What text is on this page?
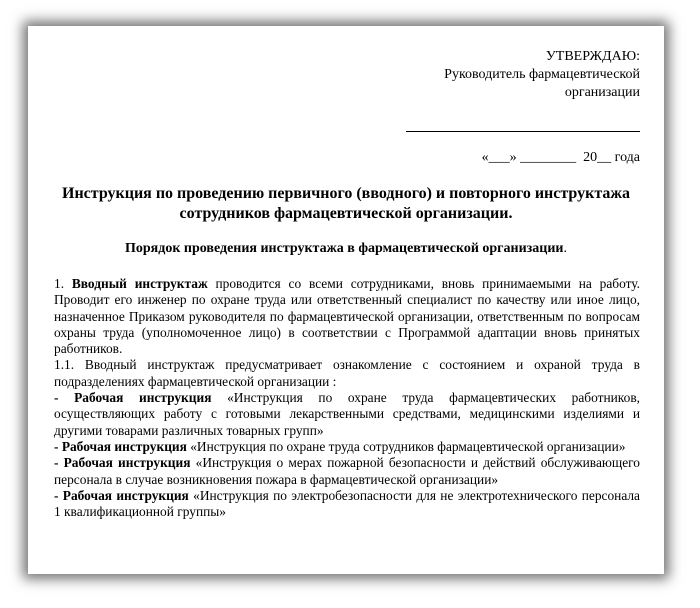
УТВЕРЖДАЮ:
Руководитель фармацевтической
организации
«___» ________  20__ года
Инструкция по проведению первичного (вводного) и повторного инструктажа сотрудников фармацевтической организации.
Порядок проведения инструктажа в фармацевтической организации.

1. Вводный инструктаж проводится со всеми сотрудниками, вновь принимаемыми на работу. Проводит его инженер по охране труда или ответственный специалист по качеству или иное лицо, назначенное Приказом руководителя по фармацевтической организации, ответственным по вопросам охраны труда (уполномоченное лицо) в соответствии с Программой адаптации вновь принятых работников.

1.1. Вводный инструктаж предусматривает ознакомление с состоянием и охраной труда в подразделениях фармацевтической организации :

- Рабочая инструкция «Инструкция по охране труда фармацевтических работников, осуществляющих работу с готовыми лекарственными средствами, медицинскими изделиями и другими товарами различных товарных групп»

- Рабочая инструкция «Инструкция по охране труда сотрудников фармацевтической организации»

- Рабочая инструкция «Инструкция о мерах пожарной безопасности и действий обслуживающего персонала в случае возникновения пожара в фармацевтической организации»

- Рабочая инструкция «Инструкция по электробезопасности для не электротехнического персонала 1 квалификационной группы»
